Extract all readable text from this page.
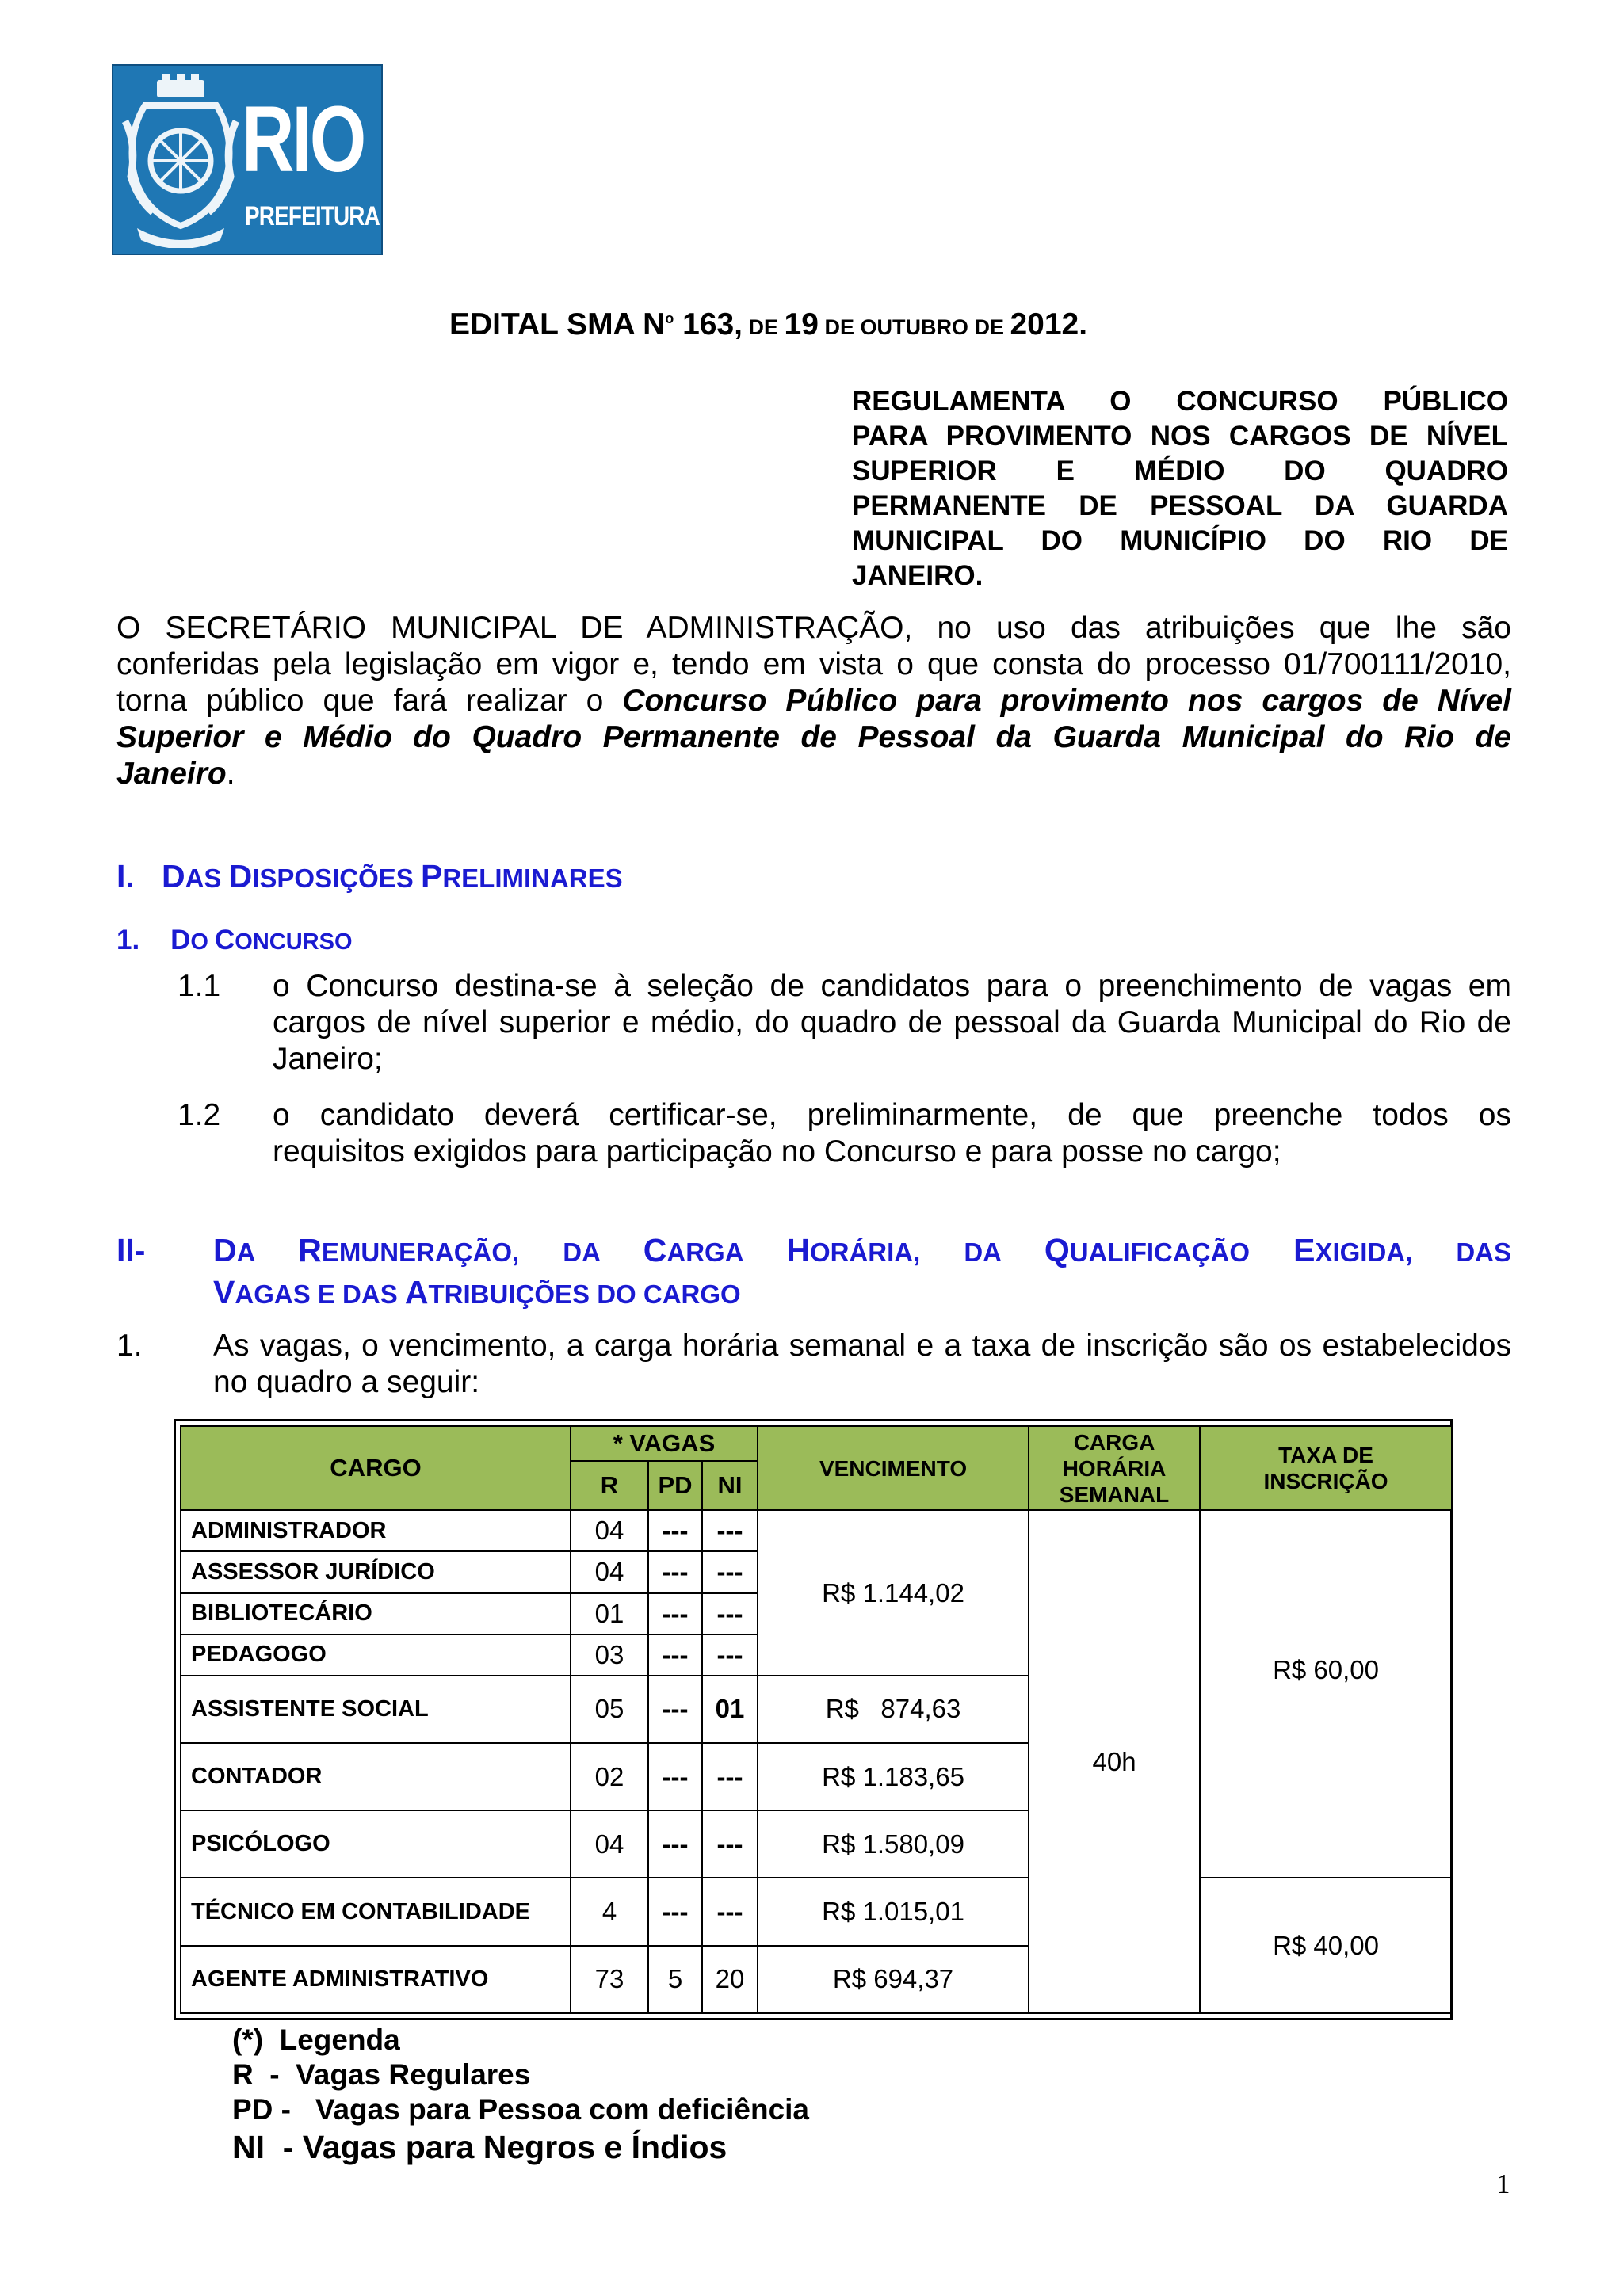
RIO
PREFEITURA
EDITAL SMA $N^o$ 163, DE 19 DE OUTUBRO DE 2012.
REGULAMENTA O CONCURSO PÚBLICO
PARA PROVIMENTO NOS CARGOS DE NÍVEL
SUPERIOR E MÉDIO DO QUADRO
PERMANENTE DE PESSOAL DA GUARDA
MUNICIPAL DO MUNICÍPIO DO RIO DE
JANEIRO.
O SECRETÁRIO MUNICIPAL DE ADMINISTRAÇÃO, no uso das atribuições que lhe são
conferidas pela legislação em vigor e, tendo em vista o que consta do processo 01/700111/2010,
torna público que fará realizar o Concurso Público para provimento nos cargos de Nível
Superior e Médio do Quadro Permanente de Pessoal da Guarda Municipal do Rio de
Janeiro.
I. DAS DISPOSIÇÕES PRELIMINARES
1. DO CONCURSO
1.1 o Concurso destina-se à seleção de candidatos para o preenchimento de vagas em
cargos de nível superior e médio, do quadro de pessoal da Guarda Municipal do Rio de
Janeiro;
1.2 o candidato deverá certificar-se, preliminarmente, de que preenche todos os
requisitos exigidos para participação no Concurso e para posse no cargo;
II- DA REMUNERAÇÃO, DA CARGA HORÁRIA, DA QUALIFICAÇÃO EXIGIDA, DAS
VAGAS E DAS ATRIBUIÇÕES DO CARGO
1. As vagas, o vencimento, a carga horária semanal e a taxa de inscrição são os estabelecidos
no quadro a seguir:
CARGO	* VAGAS			VENCIMENTO	CARGA
HORÁRIA
SEMANAL	TAXA DE
INSCRIÇÃO
	R	PD	NI			
ADMINISTRADOR	04	---	---	R$ 1.144,02	40h	R$ 60,00
ASSESSOR JURÍDICO	04	---	---			
BIBLIOTECÁRIO	01	---	---			
PEDAGOGO	03	---	---			
ASSISTENTE SOCIAL	05	---	01	R$   874,63		
CONTADOR	02	---	---	R$ 1.183,65		
PSICÓLOGO	04	---	---	R$ 1.580,09		
TÉCNICO EM CONTABILIDADE	4	---	---	R$ 1.015,01		R$ 40,00
AGENTE ADMINISTRATIVO	73	5	20	R$ 694,37		
(*)  Legenda
R  -  Vagas Regulares
PD -   Vagas para Pessoa com deficiência
NI  - Vagas para Negros e Índios
1
